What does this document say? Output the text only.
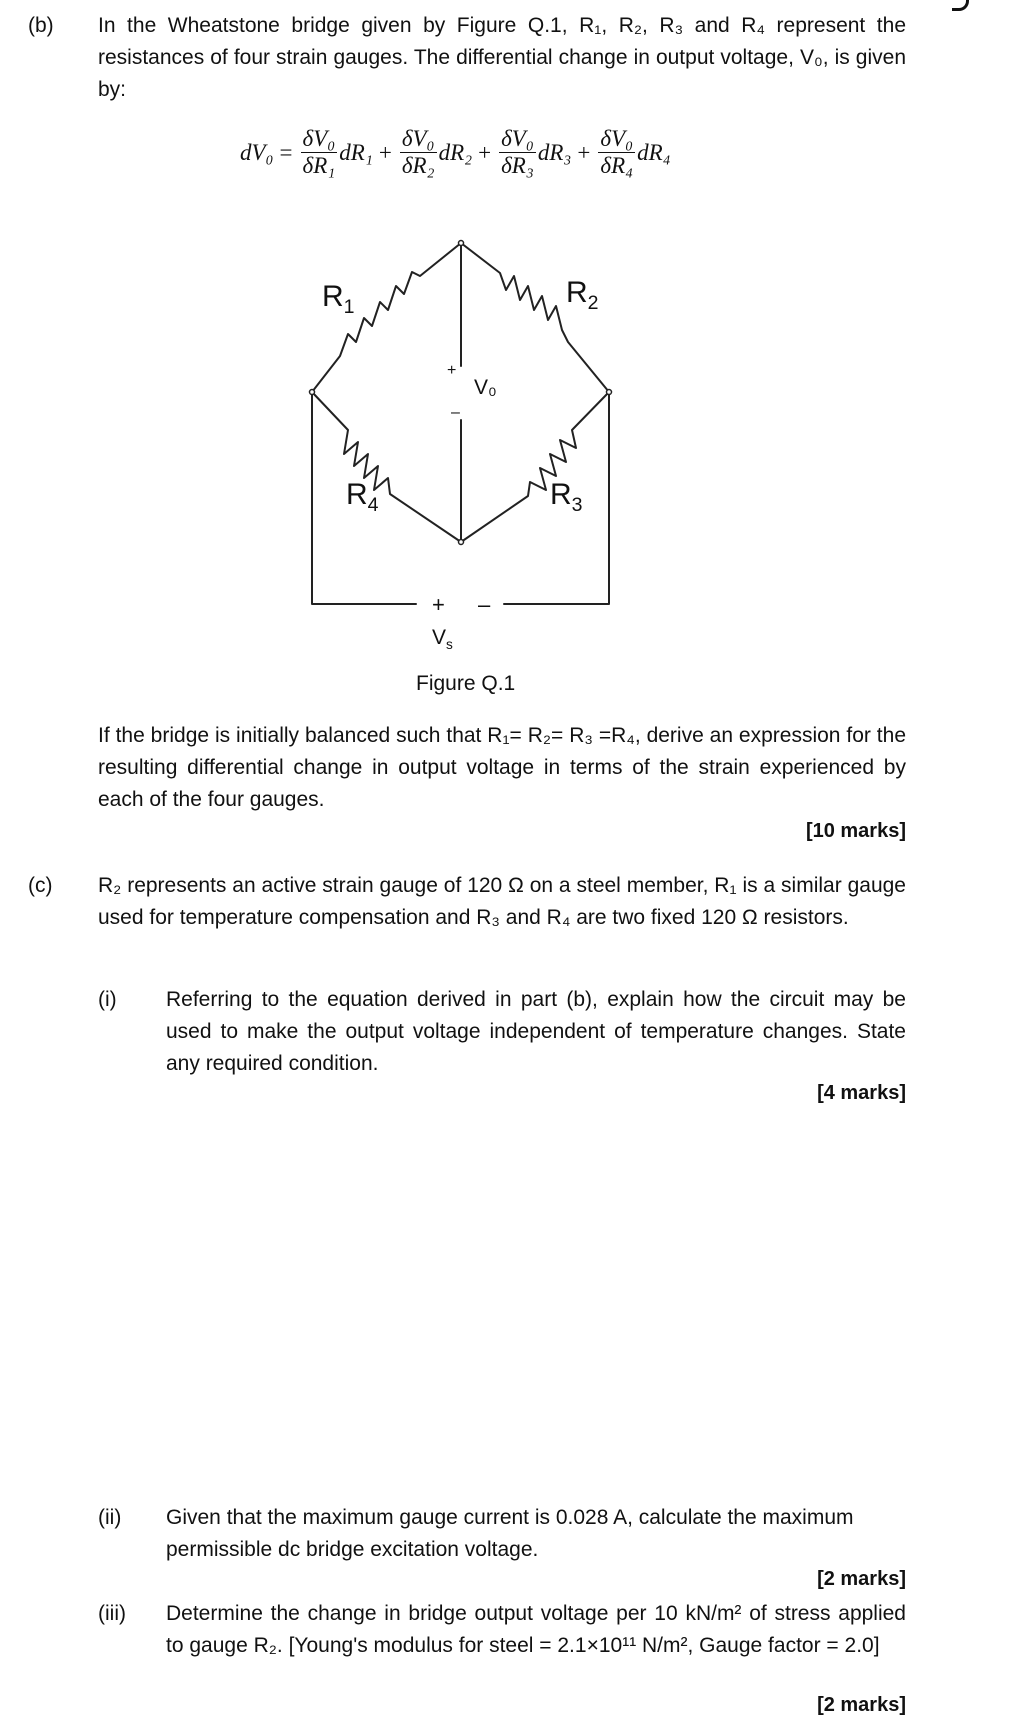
(b) In the Wheatstone bridge given by Figure Q.1, R₁, R₂, R₃ and R₄ represent the resistances of four strain gauges. The differential change in output voltage, V₀, is given by:
$dV_0 = \frac{\text{δV₀}}{\text{δR₁}} dR_1 + \frac{\text{δV₀}}{\text{δR₂}} dR_2 + \frac{\text{δV₀}}{\text{δR₃}} dR_3 + \frac{\text{δV₀}}{\text{δR₄}} dR_4$
$R_1$	$R_2$
$R_3$
$R_4$
+
–
V₀
+ –
$V_s$
Figure Q.1
If the bridge is initially balanced such that R₁= R₂= R₃ =R₄, derive an expression for the resulting differential change in output voltage in terms of the strain experienced by each of the four gauges.
[10 marks]
(c) R₂ represents an active strain gauge of 120 Ω on a steel member, R₁ is a similar gauge used for temperature compensation and R₃ and R₄ are two fixed 120 Ω resistors.
(i) Referring to the equation derived in part (b), explain how the circuit may be used to make the output voltage independent of temperature changes. State any required condition.
[4 marks]
(ii) Given that the maximum gauge current is 0.028 A, calculate the maximum permissible dc bridge excitation voltage.
[2 marks]
(iii) Determine the change in bridge output voltage per 10 kN/m² of stress applied to gauge R₂. [Young's modulus for steel = 2.1×10¹¹ N/m², Gauge factor = 2.0]
[2 marks]
